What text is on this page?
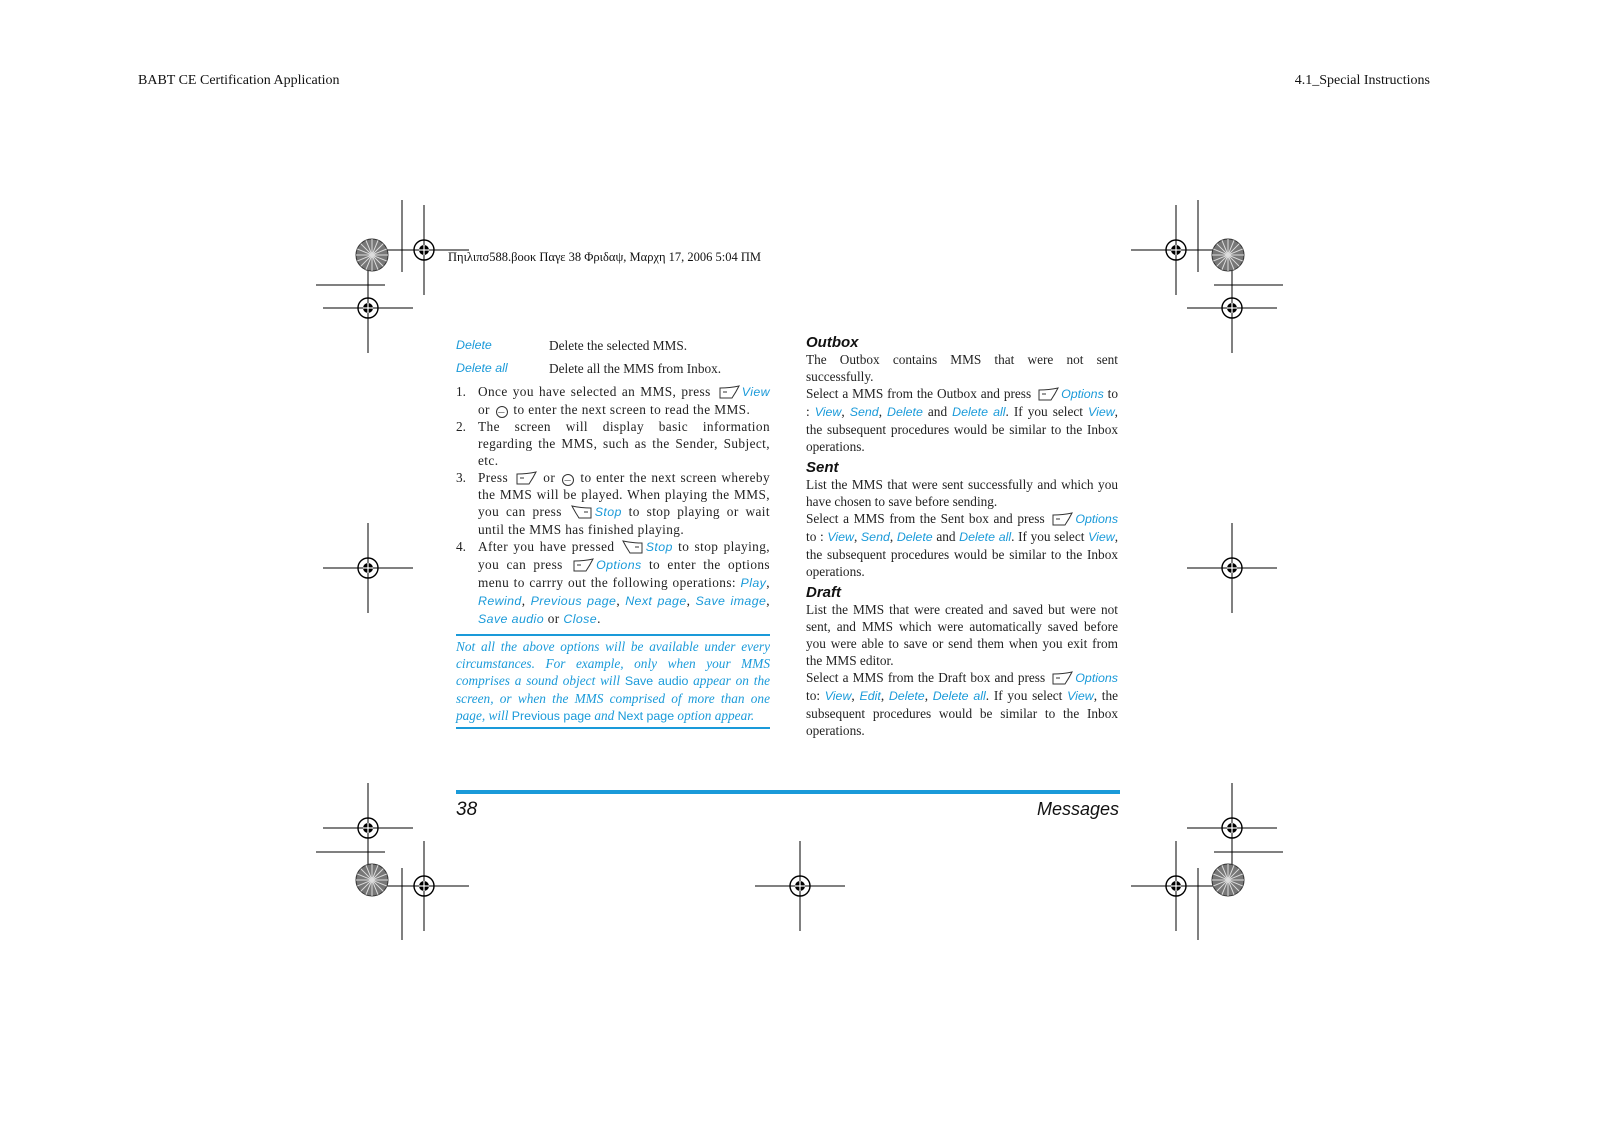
BABT CE Certification Application	4.1_Special Instructions
Πηιλιπσ588.βοοκ Παγε 38 Φριδαψ, Μαρχη 17, 2006 5:04 ΠΜ
Delete	Delete the selected MMS.
Delete all	Delete all the MMS from Inbox.
1. Once you have selected an MMS, press	View or — to enter the next screen to read the MMS.
2. The screen will display basic information regarding the MMS, such as the Sender, Subject, etc.
3. Press	or — to enter the next screen whereby the MMS will be played. When playing the MMS, you can press	Stop to stop playing or wait until the MMS has finished playing.
4. After you have pressed	Stop to stop playing, you can press	Options to enter the options menu to carrry out the following operations: Play, Rewind, Previous page, Next page, Save image, Save audio or Close.
Not all the above options will be available under every circumstances. For example, only when your MMS comprises a sound object will Save audio appear on the screen, or when the MMS comprised of more than one page, will Previous page and Next page option appear.
Outbox

The Outbox contains MMS that were not sent successfully.

Select a MMS from the Outbox and press Options to : View, Send, Delete and Delete all. If you select View, the subsequent procedures would be similar to the Inbox operations.

Sent

List the MMS that were sent successfully and which you have chosen to save before sending.

Select a MMS from the Sent box and press Options to : View, Send, Delete and Delete all. If you select View, the subsequent procedures would be similar to the Inbox operations.

Draft

List the MMS that were created and saved but were not sent, and MMS which were automatically saved before you were able to save or send them when you exit from the MMS editor.

Select a MMS from the Draft box and press Options to: View, Edit, Delete, Delete all. If you select View, the subsequent procedures would be similar to the Inbox operations.

38	Messages
